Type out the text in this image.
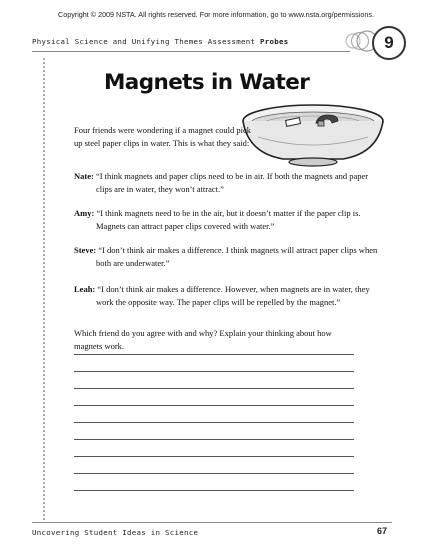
Copyright © 2009 NSTA. All rights reserved. For more information, go to www.nsta.org/permissions.
Physical Science and Unifying Themes Assessment Probes	9
Magnets in Water
Four friends were wondering if a magnet could pick up steel paper clips in water. This is what they said:
Nate: “I think magnets and paper clips need to be in air. If both the magnets and paper clips are in water, they won’t attract.”
Amy: “I think magnets need to be in the air, but it doesn’t matter if the paper clip is. Magnets can attract paper clips covered with water.”
Steve: “I don’t think air makes a difference. I think magnets will attract paper clips when both are underwater.”
Leah: “I don’t think air makes a difference. However, when magnets are in water, they work the opposite way. The paper clips will be repelled by the magnet.”
Which friend do you agree with and why? Explain your thinking about how magnets work.
Uncovering Student Ideas in Science	67
